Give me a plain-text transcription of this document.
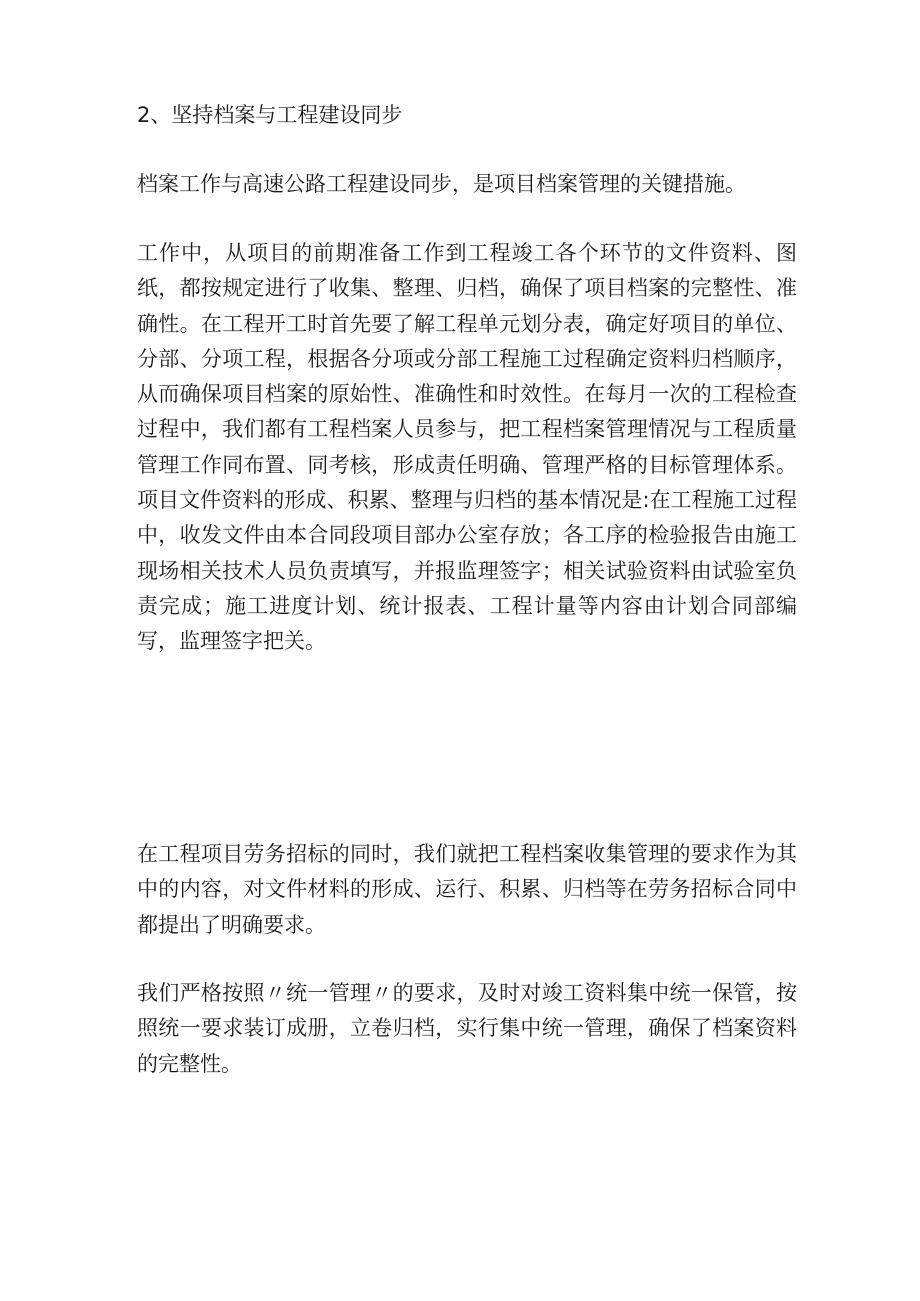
2、坚持档案与工程建设同步

档案工作与高速公路工程建设同步，是项目档案管理的关键措施。

工作中，从项目的前期准备工作到工程竣工各个环节的文件资料、图纸，都按规定进行了收集、整理、归档，确保了项目档案的完整性、准确性。在工程开工时首先要了解工程单元划分表，确定好项目的单位、分部、分项工程，根据各分项或分部工程施工过程确定资料归档顺序，从而确保项目档案的原始性、准确性和时效性。在每月一次的工程检查过程中，我们都有工程档案人员参与，把工程档案管理情况与工程质量管理工作同布置、同考核，形成责任明确、管理严格的目标管理体系。项目文件资料的形成、积累、整理与归档的基本情况是:在工程施工过程中，收发文件由本合同段项目部办公室存放；各工序的检验报告由施工现场相关技术人员负责填写，并报监理签字；相关试验资料由试验室负责完成；施工进度计划、统计报表、工程计量等内容由计划合同部编写，监理签字把关。

在工程项目劳务招标的同时，我们就把工程档案收集管理的要求作为其中的内容，对文件材料的形成、运行、积累、归档等在劳务招标合同中都提出了明确要求。

我们严格按照〃统一管理〃的要求，及时对竣工资料集中统一保管，按照统一要求装订成册，立卷归档，实行集中统一管理，确保了档案资料的完整性。
